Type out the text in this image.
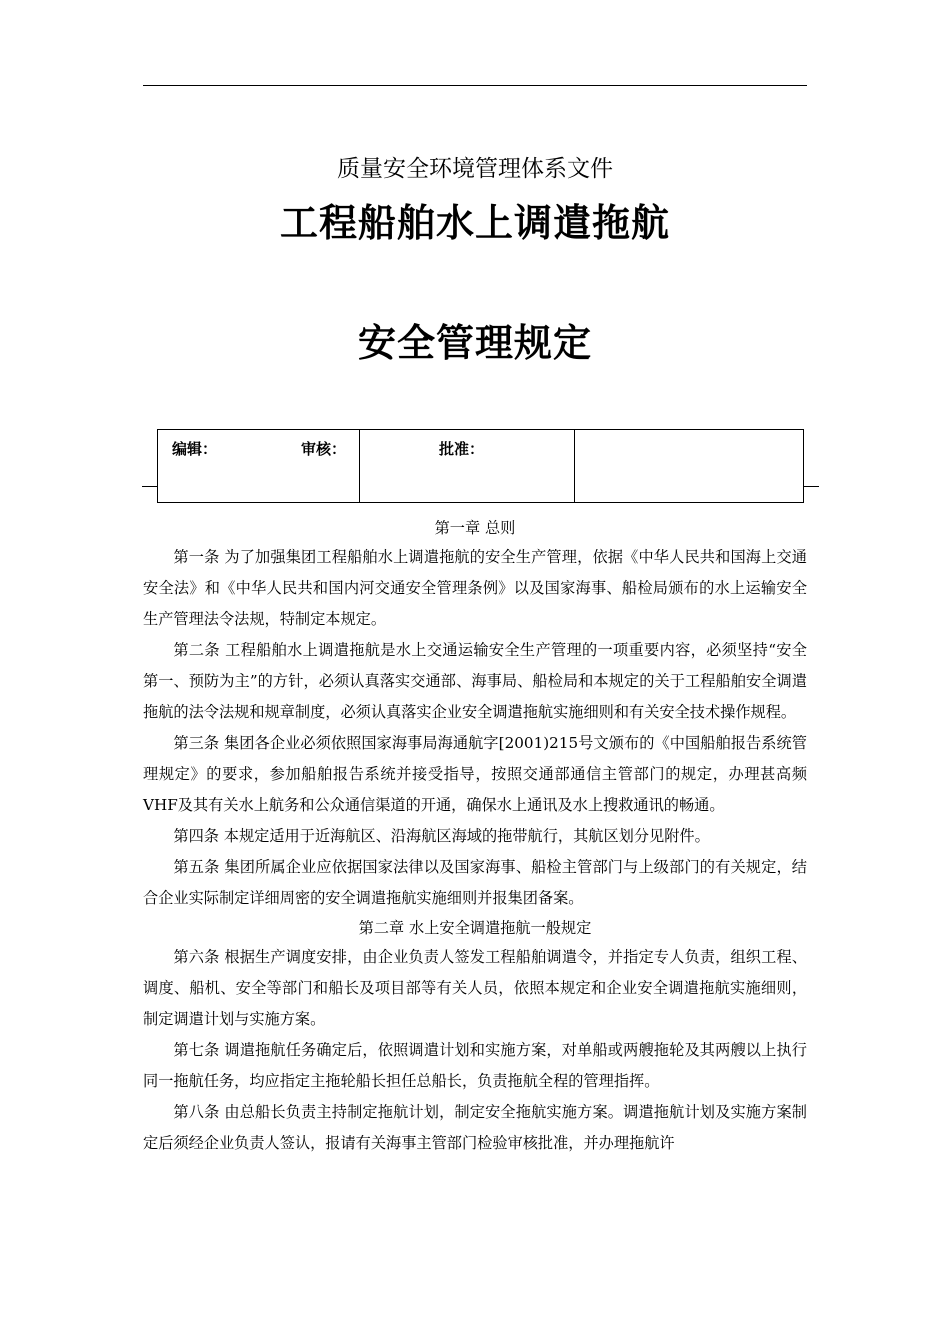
质量安全环境管理体系文件
工程船舶水上调遣拖航
安全管理规定
编辑：	审核：	批准：
第一章 总则

第一条 为了加强集团工程船舶水上调遣拖航的安全生产管理，依据《中华人民共和国海上交通安全法》和《中华人民共和国内河交通安全管理条例》以及国家海事、船检局颁布的水上运输安全生产管理法令法规，特制定本规定。

第二条 工程船舶水上调遣拖航是水上交通运输安全生产管理的一项重要内容，必须坚持“安全第一、预防为主”的方针，必须认真落实交通部、海事局、船检局和本规定的关于工程船舶安全调遣拖航的法令法规和规章制度，必须认真落实企业安全调遣拖航实施细则和有关安全技术操作规程。

第三条 集团各企业必须依照国家海事局海通航字[2001)215号文颁布的《中国船舶报告系统管理规定》的要求，参加船舶报告系统并接受指导，按照交通部通信主管部门的规定，办理甚高频VHF及其有关水上航务和公众通信渠道的开通，确保水上通讯及水上搜救通讯的畅通。

第四条 本规定适用于近海航区、沿海航区海域的拖带航行，其航区划分见附件。

第五条 集团所属企业应依据国家法律以及国家海事、船检主管部门与上级部门的有关规定，结合企业实际制定详细周密的安全调遣拖航实施细则并报集团备案。

第二章 水上安全调遣拖航一般规定

第六条 根据生产调度安排，由企业负责人签发工程船舶调遣令，并指定专人负责，组织工程、调度、船机、安全等部门和船长及项目部等有关人员，依照本规定和企业安全调遣拖航实施细则，制定调遣计划与实施方案。

第七条 调遣拖航任务确定后，依照调遣计划和实施方案，对单船或两艘拖轮及其两艘以上执行同一拖航任务，均应指定主拖轮船长担任总船长，负责拖航全程的管理指挥。

第八条 由总船长负责主持制定拖航计划，制定安全拖航实施方案。调遣拖航计划及实施方案制定后须经企业负责人签认，报请有关海事主管部门检验审核批准，并办理拖航许
